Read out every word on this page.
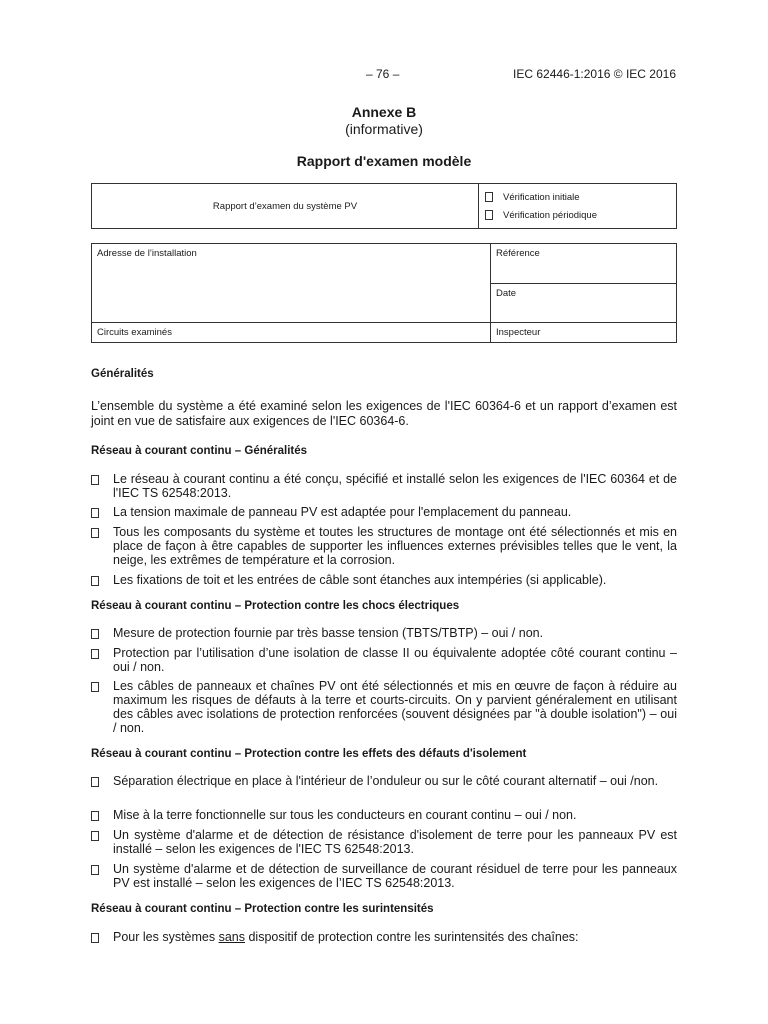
– 76 –	IEC 62446-1:2016 © IEC 2016
Annexe B
(informative)
Rapport d'examen modèle
Rapport d’examen du système PV	
Vérification initiale
Vérification périodique
Adresse de l’installation	Référence
	Date
Circuits examinés	Inspecteur
Généralités
L’ensemble du système a été examiné selon les exigences de l'IEC 60364-6 et un rapport d’examen est joint en vue de satisfaire aux exigences de l'IEC 60364-6.
Réseau à courant continu – Généralités
Le réseau à courant continu a été conçu, spécifié et installé selon les exigences de l'IEC 60364 et de l'IEC TS 62548:2013.
La tension maximale de panneau PV est adaptée pour l'emplacement du panneau.
Tous les composants du système et toutes les structures de montage ont été sélectionnés et mis en place de façon à être capables de supporter les influences externes prévisibles telles que le vent, la neige, les extrêmes de température et la corrosion.
Les fixations de toit et les entrées de câble sont étanches aux intempéries (si applicable).
Réseau à courant continu – Protection contre les chocs électriques
Mesure de protection fournie par très basse tension (TBTS/TBTP) – oui / non.
Protection par l’utilisation d’une isolation de classe II ou équivalente adoptée côté courant continu – oui / non.
Les câbles de panneaux et chaînes PV ont été sélectionnés et mis en œuvre de façon à réduire au maximum les risques de défauts à la terre et courts-circuits. On y parvient généralement en utilisant des câbles avec isolations de protection renforcées (souvent désignées par "à double isolation") – oui / non.
Réseau à courant continu – Protection contre les effets des défauts d'isolement
Séparation électrique en place à l'intérieur de l’onduleur ou sur le côté courant alternatif – oui /non.
Mise à la terre fonctionnelle sur tous les conducteurs en courant continu – oui / non.
Un système d'alarme et de détection de résistance d'isolement de terre pour les panneaux PV est installé – selon les exigences de l'IEC TS 62548:2013.
Un système d'alarme et de détection de surveillance de courant résiduel de terre pour les panneaux PV est installé – selon les exigences de l’IEC TS 62548:2013.
Réseau à courant continu – Protection contre les surintensités
Pour les systèmes sans dispositif de protection contre les surintensités des chaînes:
